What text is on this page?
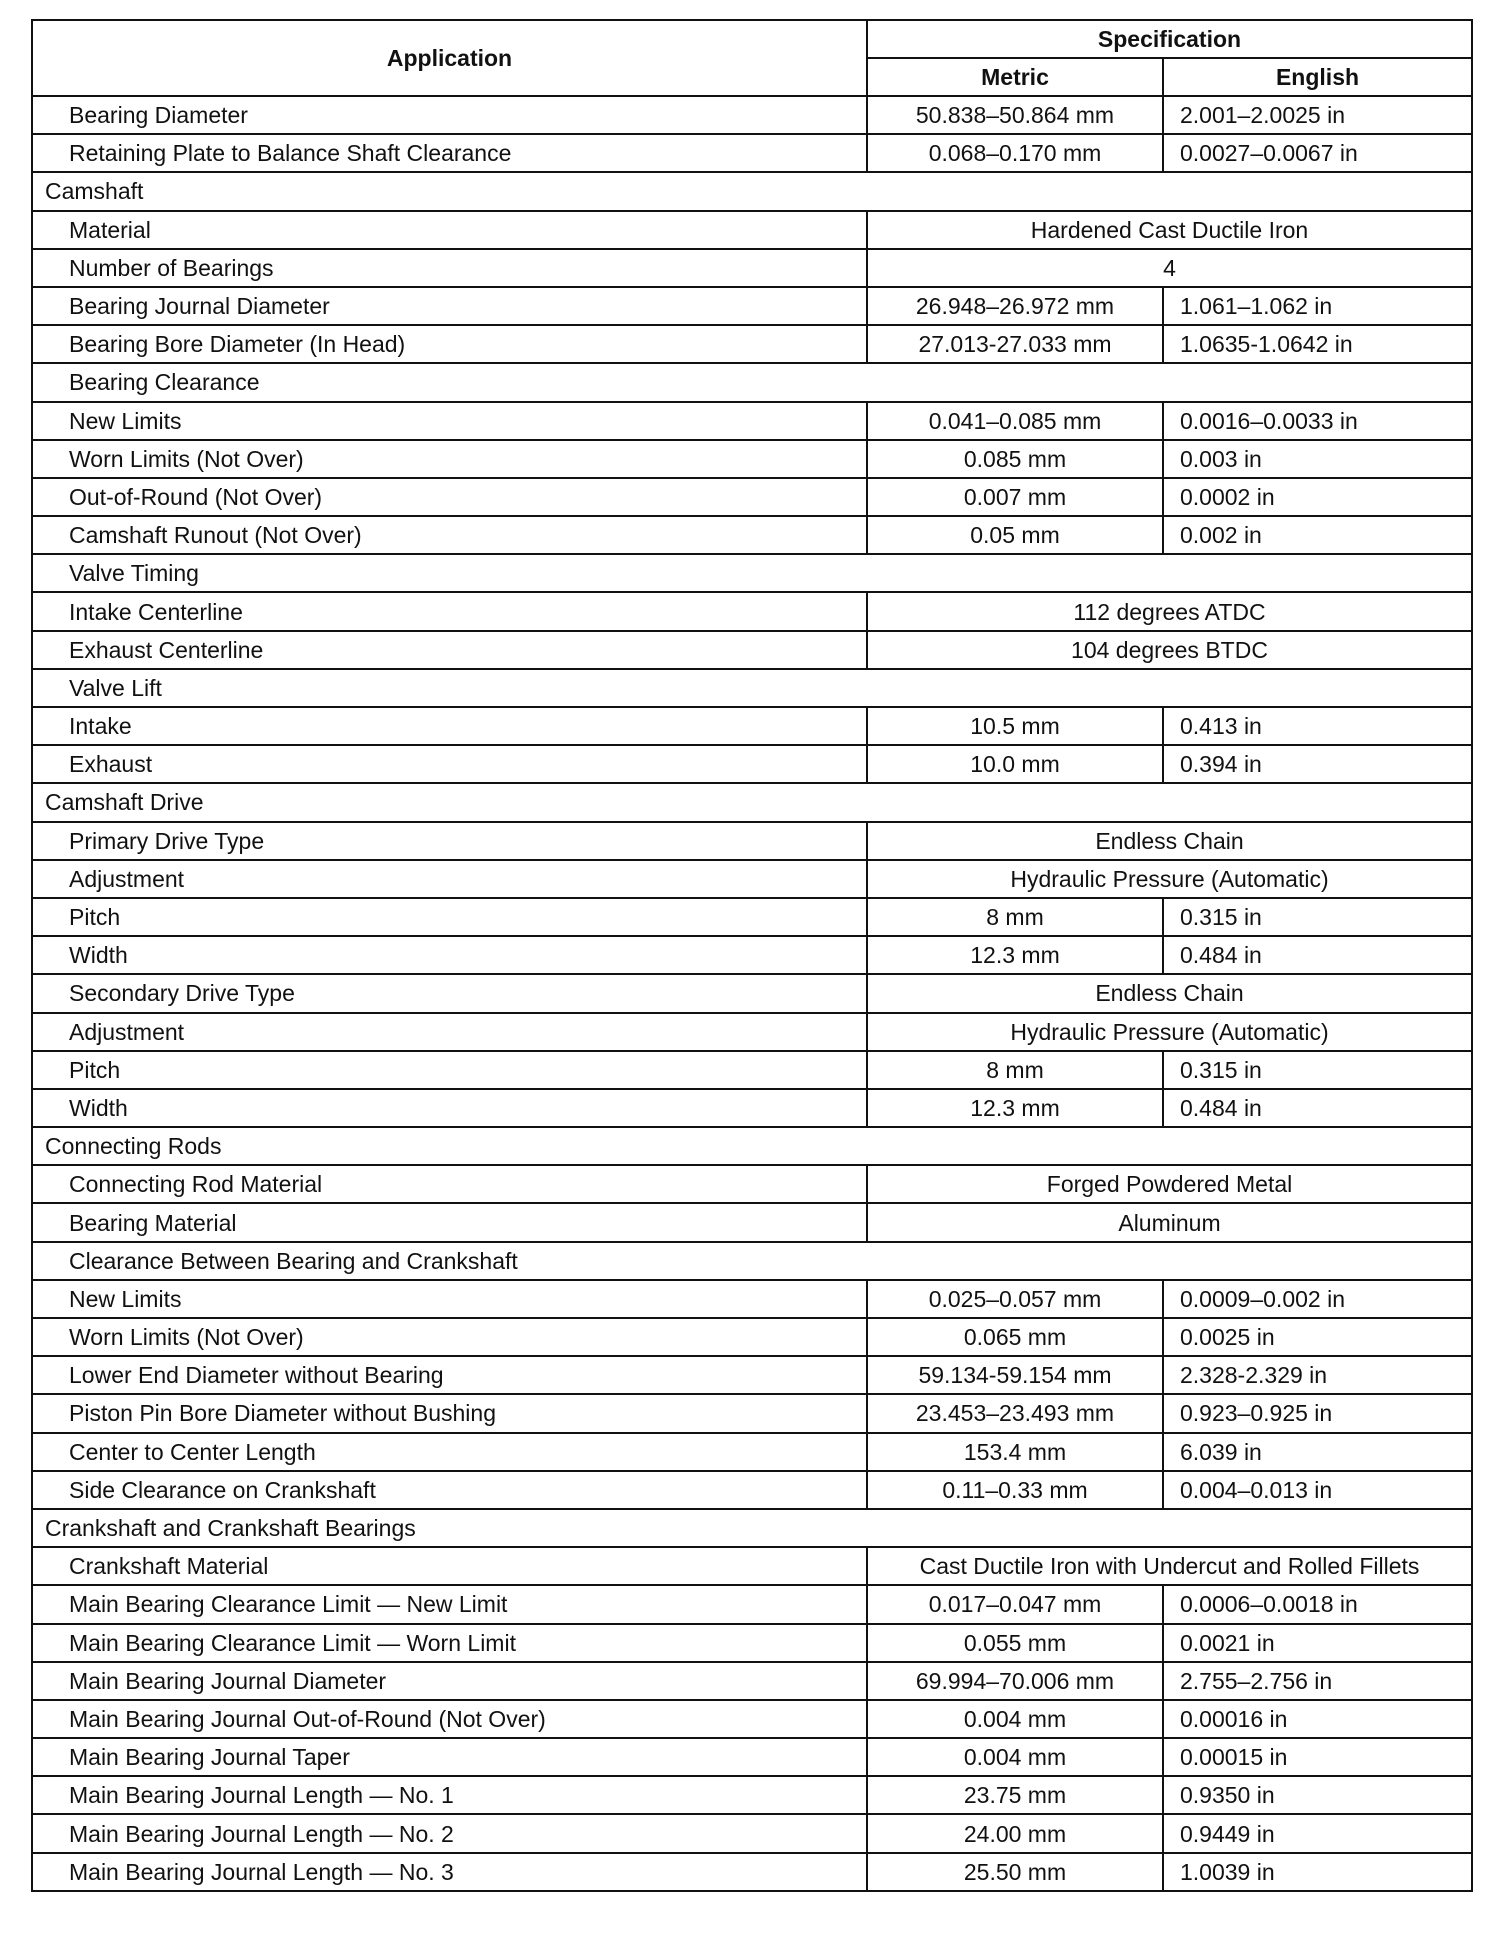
Application	Specification	
	Metric	English
Bearing Diameter	50.838–50.864 mm	2.001–2.0025 in
Retaining Plate to Balance Shaft Clearance	0.068–0.170 mm	0.0027–0.0067 in
Camshaft		
Material	Hardened Cast Ductile Iron	
Number of Bearings	4	
Bearing Journal Diameter	26.948–26.972 mm	1.061–1.062 in
Bearing Bore Diameter (In Head)	27.013-27.033 mm	1.0635-1.0642 in
Bearing Clearance		
New Limits	0.041–0.085 mm	0.0016–0.0033 in
Worn Limits (Not Over)	0.085 mm	0.003 in
Out-of-Round (Not Over)	0.007 mm	0.0002 in
Camshaft Runout (Not Over)	0.05 mm	0.002 in
Valve Timing		
Intake Centerline	112 degrees ATDC	
Exhaust Centerline	104 degrees BTDC	
Valve Lift		
Intake	10.5 mm	0.413 in
Exhaust	10.0 mm	0.394 in
Camshaft Drive		
Primary Drive Type	Endless Chain	
Adjustment	Hydraulic Pressure (Automatic)	
Pitch	8 mm	0.315 in
Width	12.3 mm	0.484 in
Secondary Drive Type	Endless Chain	
Adjustment	Hydraulic Pressure (Automatic)	
Pitch	8 mm	0.315 in
Width	12.3 mm	0.484 in
Connecting Rods		
Connecting Rod Material	Forged Powdered Metal	
Bearing Material	Aluminum	
Clearance Between Bearing and Crankshaft		
New Limits	0.025–0.057 mm	0.0009–0.002 in
Worn Limits (Not Over)	0.065 mm	0.0025 in
Lower End Diameter without Bearing	59.134-59.154 mm	2.328-2.329 in
Piston Pin Bore Diameter without Bushing	23.453–23.493 mm	0.923–0.925 in
Center to Center Length	153.4 mm	6.039 in
Side Clearance on Crankshaft	0.11–0.33 mm	0.004–0.013 in
Crankshaft and Crankshaft Bearings		
Crankshaft Material	Cast Ductile Iron with Undercut and Rolled Fillets	
Main Bearing Clearance Limit — New Limit	0.017–0.047 mm	0.0006–0.0018 in
Main Bearing Clearance Limit — Worn Limit	0.055 mm	0.0021 in
Main Bearing Journal Diameter	69.994–70.006 mm	2.755–2.756 in
Main Bearing Journal Out-of-Round (Not Over)	0.004 mm	0.00016 in
Main Bearing Journal Taper	0.004 mm	0.00015 in
Main Bearing Journal Length — No. 1	23.75 mm	0.9350 in
Main Bearing Journal Length — No. 2	24.00 mm	0.9449 in
Main Bearing Journal Length — No. 3	25.50 mm	1.0039 in
